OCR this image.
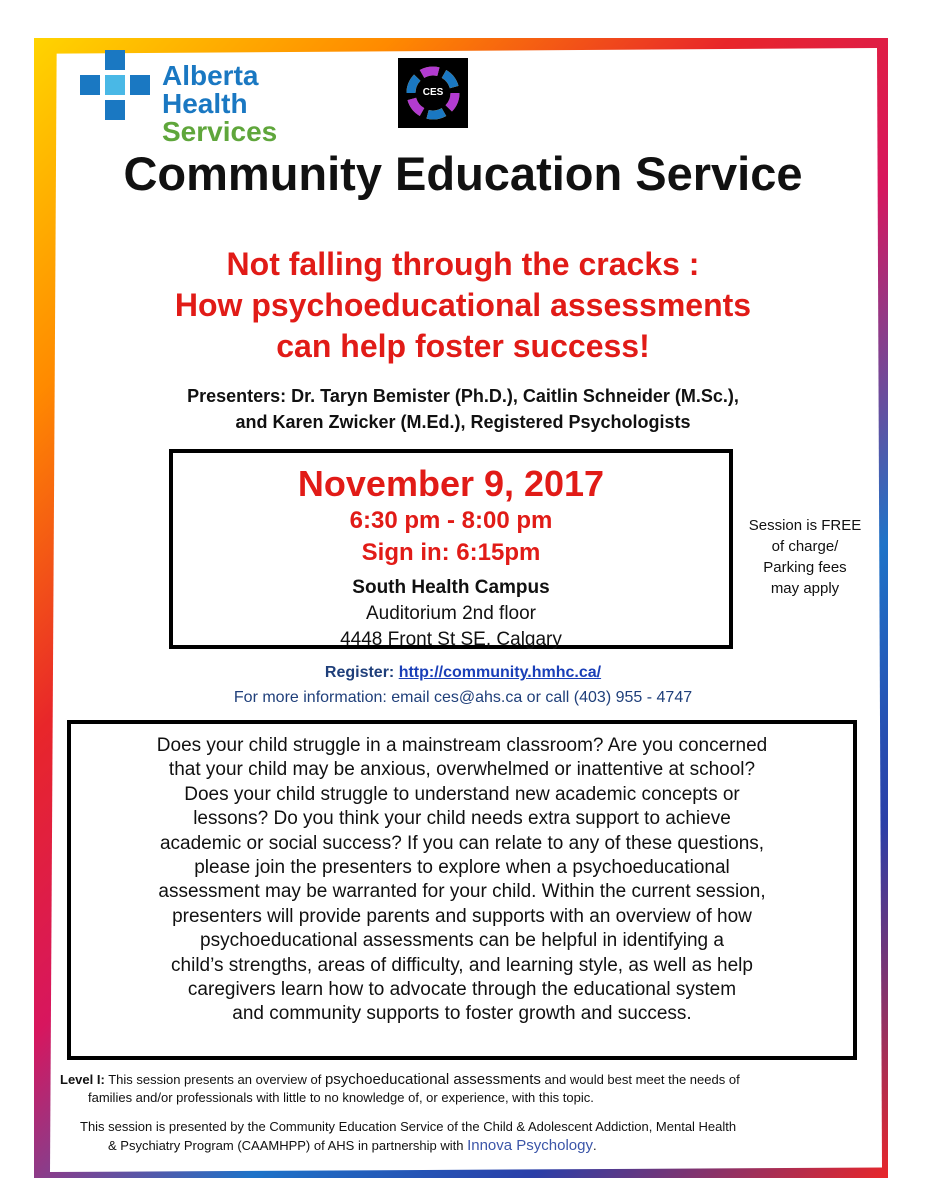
Alberta Health
Services
CES
Community Education Service
Not falling through the cracks :
How psychoeducational assessments
can help foster success!
Presenters: Dr. Taryn Bemister (Ph.D.), Caitlin Schneider (M.Sc.),
and Karen Zwicker (M.Ed.), Registered Psychologists
November 9, 2017
6:30 pm - 8:00 pm
Sign in: 6:15pm
South Health Campus
Auditorium 2nd floor
4448 Front St SE, Calgary
Session is FREE
of charge/
Parking fees
may apply
Register: http://community.hmhc.ca/
For more information: email ces@ahs.ca or call (403) 955 - 4747
Does your child struggle in a mainstream classroom? Are you concerned
that your child may be anxious, overwhelmed or inattentive at school?
Does your child struggle to understand new academic concepts or
lessons? Do you think your child needs extra support to achieve
academic or social success? If you can relate to any of these questions,
please join the presenters to explore when a psychoeducational
assessment may be warranted for your child. Within the current session,
presenters will provide parents and supports with an overview of how
psychoeducational assessments can be helpful in identifying a
child’s strengths, areas of difficulty, and learning style, as well as help
caregivers learn how to advocate through the educational system
and community supports to foster growth and success.
Level I: This session presents an overview of psychoeducational assessments and would best meet the needs of
families and/or professionals with little to no knowledge of, or experience, with this topic.
This session is presented by the Community Education Service of the Child & Adolescent Addiction, Mental Health
& Psychiatry Program (CAAMHPP) of AHS in partnership with Innova Psychology.
